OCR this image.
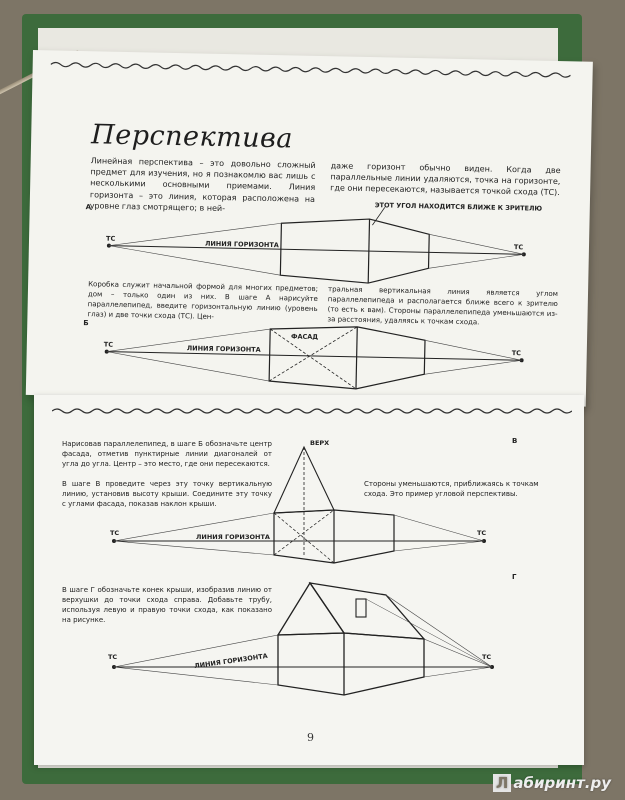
Перспектива
Линейная перспектива – это довольно сложный предмет для изучения, но я познакомлю вас лишь с несколькими основными приемами. Линия горизонта – это линия, которая расположена на уровне глаз смотрящего; в ней-
даже горизонт обычно виден. Когда две параллельные линии удаляются, точка на горизонте, где они пересекаются, называется точкой схода (ТС).
А	ЭТОТ УГОЛ НАХОДИТСЯ БЛИЖЕ К ЗРИТЕЛЮ
ТС
ТС
ЛИНИЯ ГОРИЗОНТА
Коробка служит начальной формой для многих предметов; дом – только один из них. В шаге А нарисуйте параллелепипед, введите горизонтальную линию (уровень глаз) и две точки схода (ТС). Цен-
тральная вертикальная линия является углом параллелепипеда и располагается ближе всего к зрителю (то есть к вам). Стороны параллелепипеда уменьшаются из-за расстояния, удаляясь к точкам схода.
Б
ТС
ТС
ЛИНИЯ ГОРИЗОНТА
ФАСАД
Нарисовав параллелепипед, в шаге Б обозначьте центр фасада, отметив пунктирные линии диагоналей от угла до угла. Центр – это место, где они пересекаются.
В шаге В проведите через эту точку вертикальную линию, установив высоту крыши. Соедините эту точку с углами фасада, показав наклон крыши.
Стороны уменьшаются, приближаясь к точкам схода. Это пример угловой перспективы.
В
ВЕРХ
ТС	ТС
ЛИНИЯ ГОРИЗОНТА
Г
В шаге Г обозначьте конек крыши, изобразив линию от верхушки до точки схода справа. Добавьте трубу, используя левую и правую точки схода, как показано на рисунке.
ТС	ТС
ЛИНИЯ ГОРИЗОНТА
9
Л абиринт.ру
